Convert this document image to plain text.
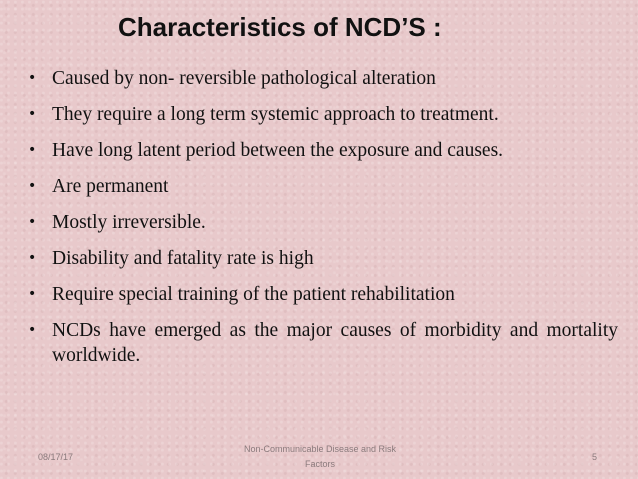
Characteristics of NCD’S :
• Caused by non- reversible pathological alteration
• They require a long term systemic approach to treatment.
• Have long latent period between the exposure and causes.
• Are permanent
• Mostly irreversible.
• Disability and fatality rate is high
• Require special training of the patient rehabilitation
• NCDs have emerged as the major causes of morbidity and mortality worldwide.
08/17/17
Non-Communicable Disease and Risk
Factors
5
